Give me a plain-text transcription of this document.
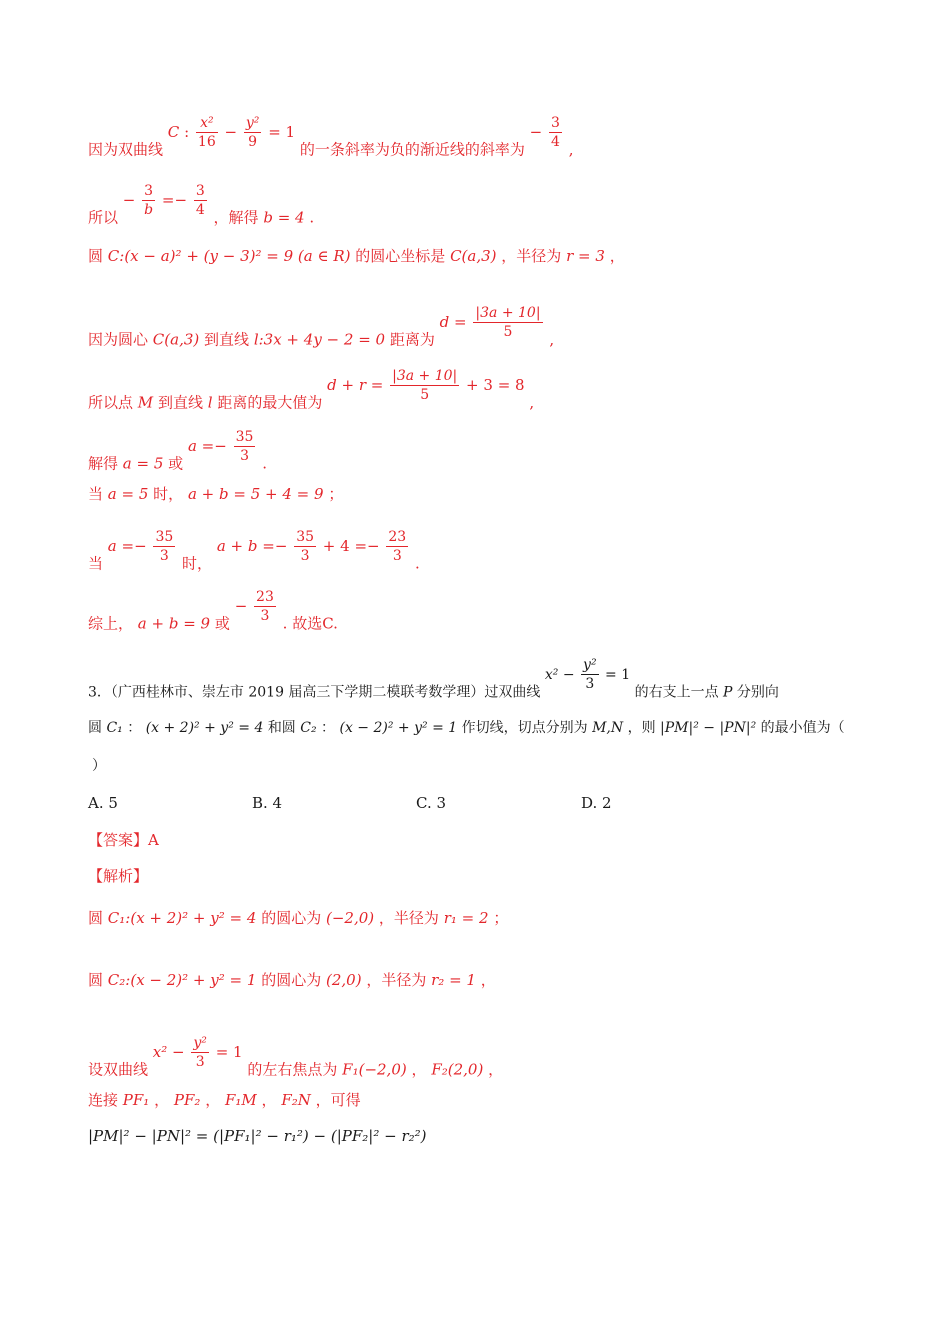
因为双曲线 C : $\frac{\text{x²}}{16} - \frac{\text{y²}}{9} = 1$ 的一条斜率为负的渐近线的斜率为 − $\frac{3}{4}$ ,
所以 − $\frac{3}{b} =- \frac{3}{4}$ ，解得 b = 4 .
圆 C:(x − a)² + (y − 3)² = 9 (a ∈ R) 的圆心坐标是 C(a,3) ，半径为 r = 3 ，
因为圆心 C(a,3) 到直线 l:3x + 4y − 2 = 0 距离为 $d = \frac{|3a + 10|}{5}$ ,
所以点 M 到直线 l 距离的最大值为 $d + r = \frac{|3a + 10|}{5} + 3 = 8$ ,
解得 a = 5 或 $a =- \frac{35}{3}$ .
当 a = 5 时， a + b = 5 + 4 = 9 ；
当 $a =- \frac{35}{3}$ 时， $a + b =- \frac{35}{3} + 4 =- \frac{23}{3}$ .
综上， a + b = 9 或 − $\frac{23}{3}$ . 故选C.
3．（广西桂林市、崇左市 2019 届高三下学期二模联考数学理）过双曲线 $x^2 - \frac{\text{y²}}{3} = 1$ 的右支上一点 P 分别向
圆 C₁ ： (x + 2)² + y² = 4 和圆 C₂ ： (x − 2)² + y² = 1 作切线，切点分别为 M,N ，则 |PM|² − |PN|² 的最小值为（
）
A. 5	B. 4	C. 3	D. 2
【答案】A
【解析】
圆 C₁:(x + 2)² + y² = 4 的圆心为 (−2,0) ，半径为 r₁ = 2 ；
圆 C₂:(x − 2)² + y² = 1 的圆心为 (2,0) ，半径为 r₂ = 1 ，
设双曲线 $x^2 - \frac{\text{y²}}{3} = 1$ 的左右焦点为 F₁(−2,0) ， F₂(2,0) ，
连接 PF₁ ， PF₂ ， F₁M ， F₂N ，可得
|PM|² − |PN|² = (|PF₁|² − r₁²) − (|PF₂|² − r₂²)
